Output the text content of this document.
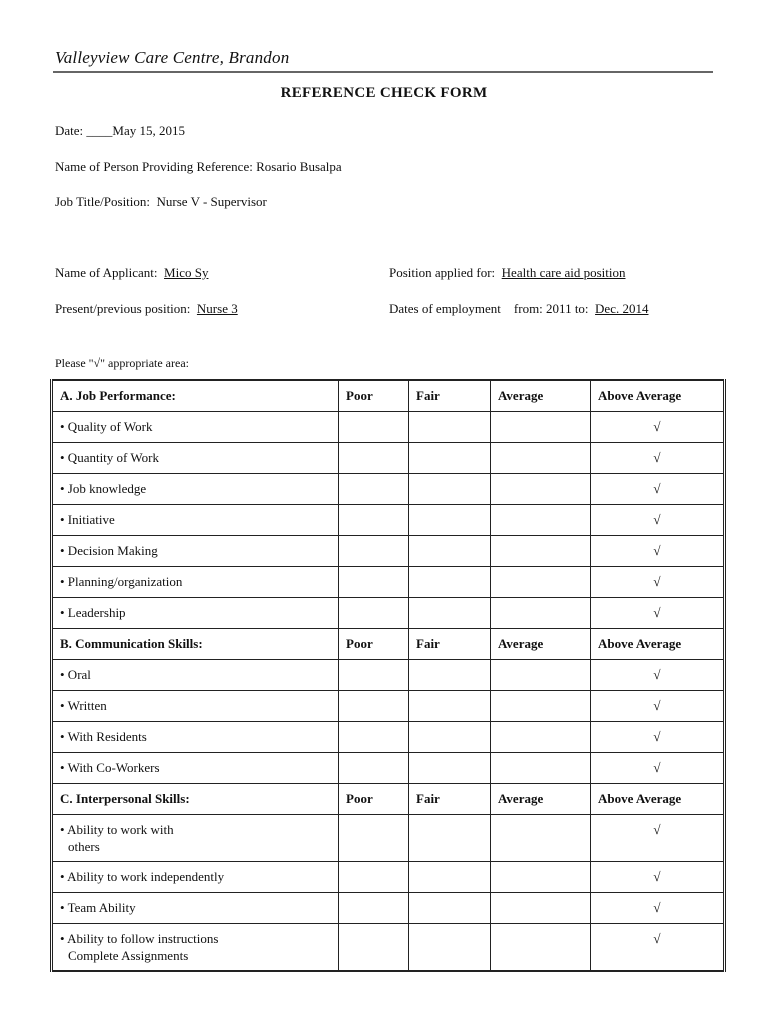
Valleyview Care Centre, Brandon
REFERENCE CHECK FORM
Date: ____May 15, 2015
Name of Person Providing Reference: Rosario Busalpa
Job Title/Position:  Nurse V - Supervisor
Name of Applicant:  Mico Sy	Position applied for:  Health care aid position
Present/previous position:  Nurse 3	Dates of employment    from: 2011 to:  Dec. 2014
Please "√" appropriate area:
A. Job Performance:	Poor	Fair	Average	Above Average
• Quality of Work				√
• Quantity of Work				√
• Job knowledge				√
• Initiative				√
• Decision Making				√
• Planning/organization				√
• Leadership				√
B. Communication Skills:	Poor	Fair	Average	Above Average
• Oral				√
• Written				√
• With Residents				√
• With Co-Workers				√
C. Interpersonal Skills:	Poor	Fair	Average	Above Average
• Ability to work with
others				√
• Ability to work independently				√
• Team Ability				√
• Ability to follow instructions
Complete Assignments				√
